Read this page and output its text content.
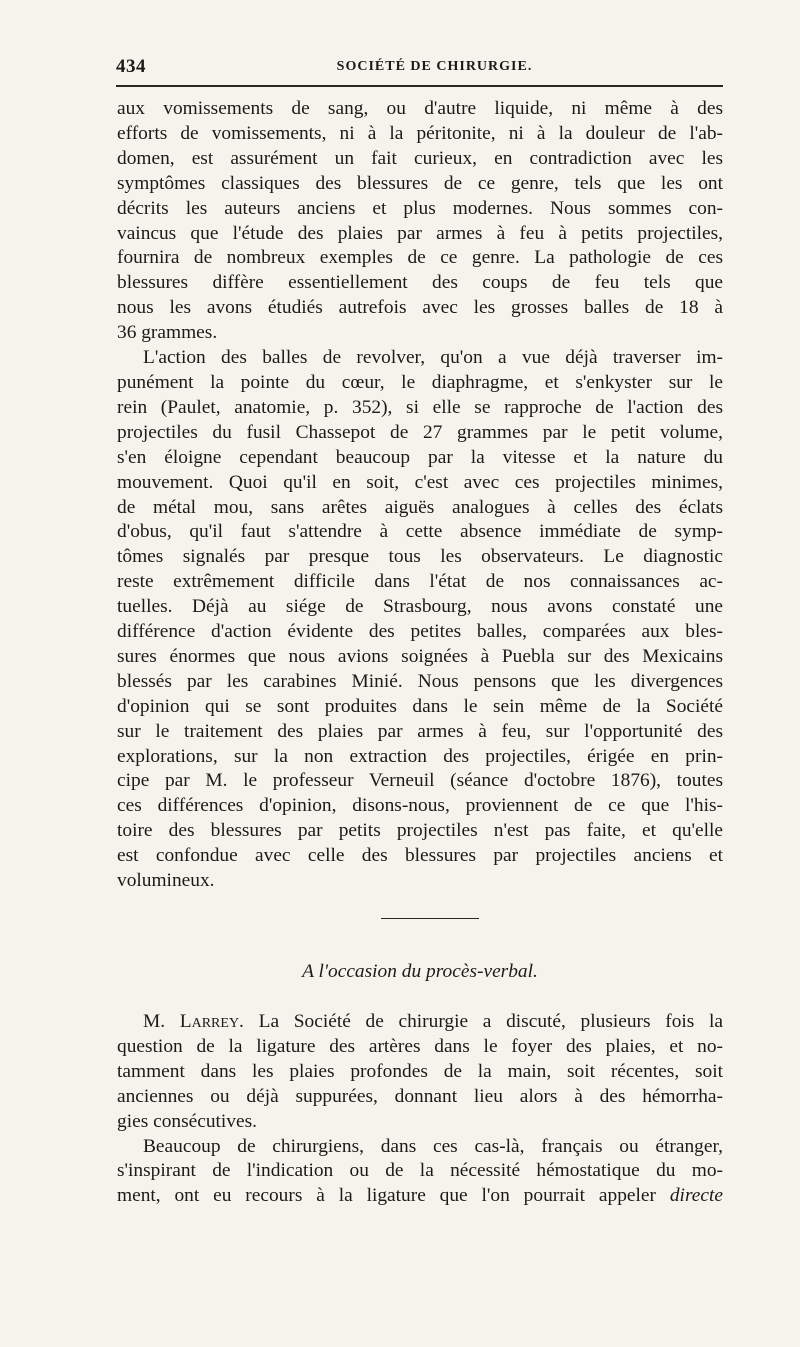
434	SOCIÉTÉ DE CHIRURGIE.
aux vomissements de sang, ou d'autre liquide, ni même à des
efforts de vomissements, ni à la péritonite, ni à la douleur de l'ab-
domen, est assurément un fait curieux, en contradiction avec les
symptômes classiques des blessures de ce genre, tels que les ont
décrits les auteurs anciens et plus modernes. Nous sommes con-
vaincus que l'étude des plaies par armes à feu à petits projectiles,
fournira de nombreux exemples de ce genre. La pathologie de ces
blessures diffère essentiellement des coups de feu tels que
nous les avons étudiés autrefois avec les grosses balles de 18 à
36 grammes.
L'action des balles de revolver, qu'on a vue déjà traverser im-
punément la pointe du cœur, le diaphragme, et s'enkyster sur le
rein (Paulet, anatomie, p. 352), si elle se rapproche de l'action des
projectiles du fusil Chassepot de 27 grammes par le petit volume,
s'en éloigne cependant beaucoup par la vitesse et la nature du
mouvement. Quoi qu'il en soit, c'est avec ces projectiles minimes,
de métal mou, sans arêtes aiguës analogues à celles des éclats
d'obus, qu'il faut s'attendre à cette absence immédiate de symp-
tômes signalés par presque tous les observateurs. Le diagnostic
reste extrêmement difficile dans l'état de nos connaissances ac-
tuelles. Déjà au siége de Strasbourg, nous avons constaté une
différence d'action évidente des petites balles, comparées aux bles-
sures énormes que nous avions soignées à Puebla sur des Mexicains
blessés par les carabines Minié. Nous pensons que les divergences
d'opinion qui se sont produites dans le sein même de la Société
sur le traitement des plaies par armes à feu, sur l'opportunité des
explorations, sur la non extraction des projectiles, érigée en prin-
cipe par M. le professeur Verneuil (séance d'octobre 1876), toutes
ces différences d'opinion, disons-nous, proviennent de ce que l'his-
toire des blessures par petits projectiles n'est pas faite, et qu'elle
est confondue avec celle des blessures par projectiles anciens et
volumineux.
A l'occasion du procès-verbal.
M. Larrey. La Société de chirurgie a discuté, plusieurs fois la
question de la ligature des artères dans le foyer des plaies, et no-
tamment dans les plaies profondes de la main, soit récentes, soit
anciennes ou déjà suppurées, donnant lieu alors à des hémorrha-
gies consécutives.
Beaucoup de chirurgiens, dans ces cas-là, français ou étranger,
s'inspirant de l'indication ou de la nécessité hémostatique du mo-
ment, ont eu recours à la ligature que l'on pourrait appeler directe
